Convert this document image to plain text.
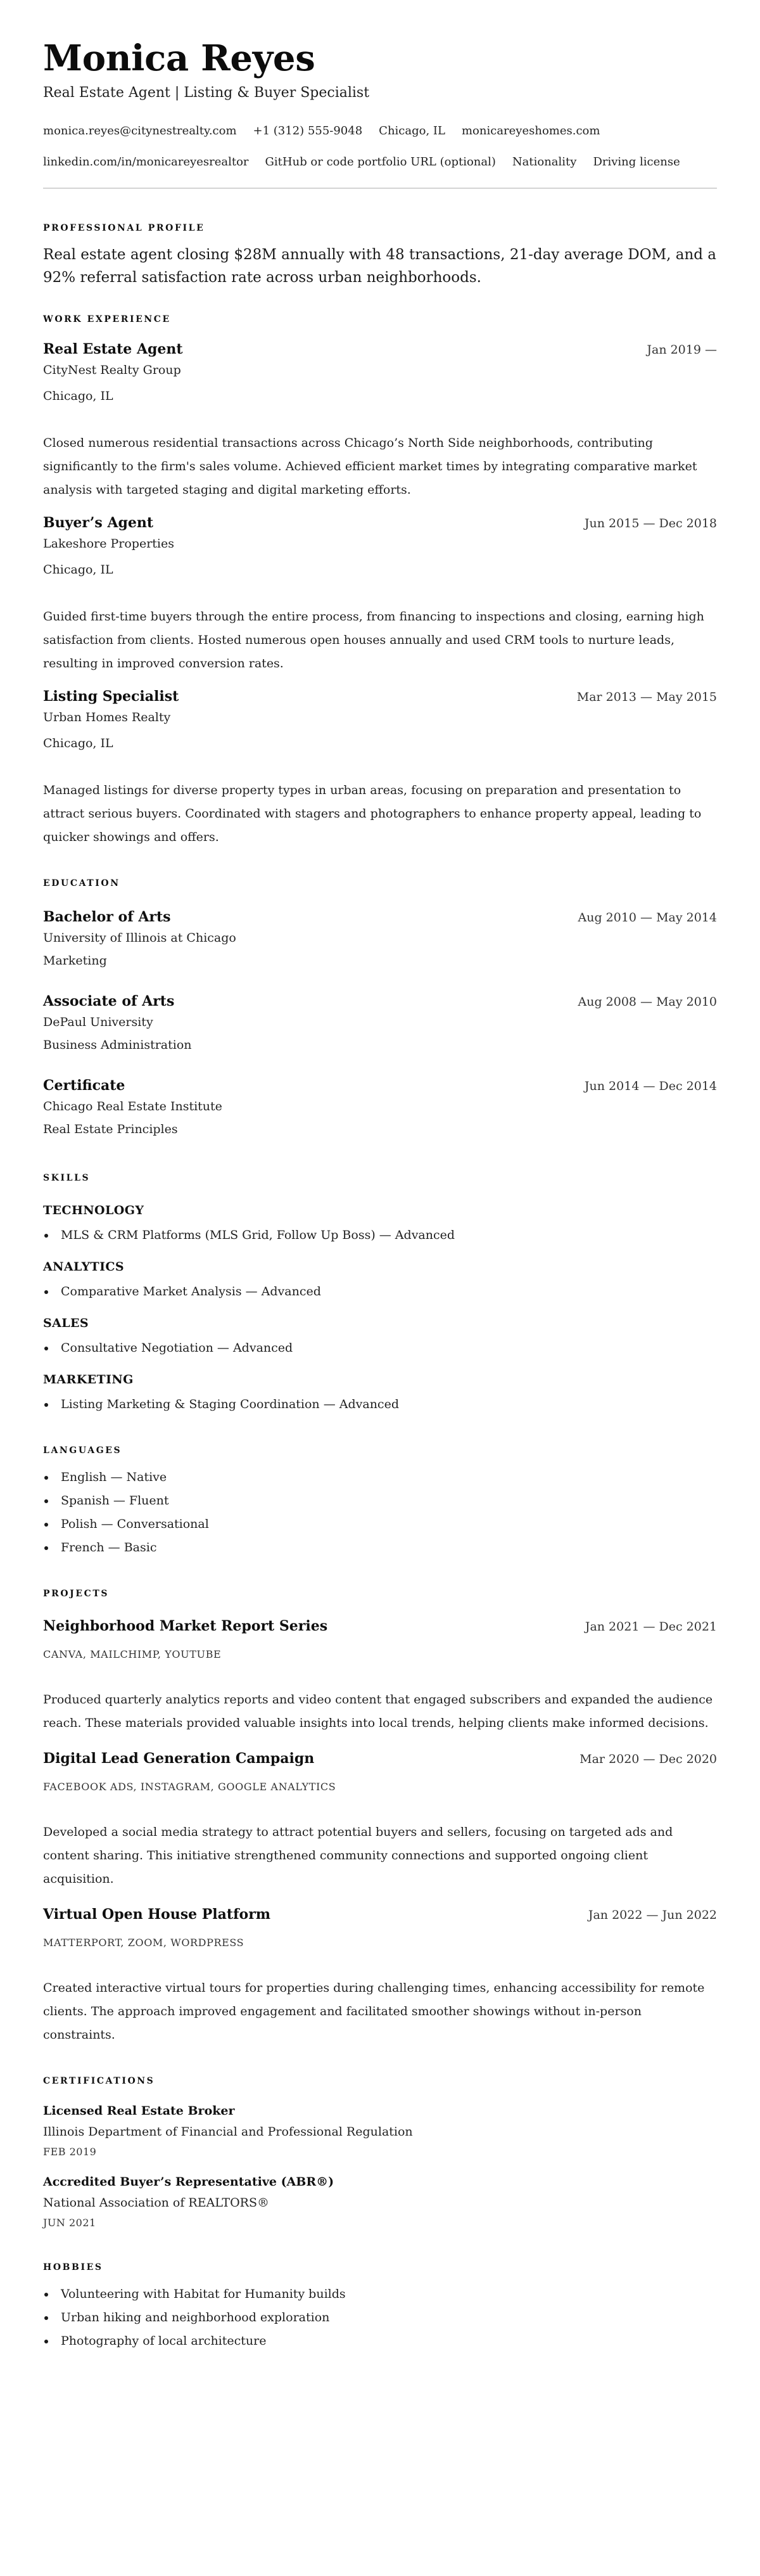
Monica Reyes
Real Estate Agent | Listing & Buyer Specialist
monica.reyes@citynestrealty.com +1 (312) 555-9048 Chicago, IL monicareyeshomes.com
linkedin.com/in/monicareyesrealtor GitHub or code portfolio URL (optional) Nationality Driving license
PROFESSIONAL PROFILE

Real estate agent closing $28M annually with 48 transactions, 21-day average DOM, and a 92% referral satisfaction rate across urban neighborhoods.

WORK EXPERIENCE
Real Estate Agent	Jan 2019 —
CityNest Realty Group
Chicago, IL

Closed numerous residential transactions across Chicago’s North Side neighborhoods, contributing significantly to the firm's sales volume. Achieved efficient market times by integrating comparative market analysis with targeted staging and digital marketing efforts.

Buyer’s Agent	Jun 2015 — Dec 2018
Lakeshore Properties
Chicago, IL

Guided first-time buyers through the entire process, from financing to inspections and closing, earning high satisfaction from clients. Hosted numerous open houses annually and used CRM tools to nurture leads, resulting in improved conversion rates.

Listing Specialist	Mar 2013 — May 2015
Urban Homes Realty
Chicago, IL

Managed listings for diverse property types in urban areas, focusing on preparation and presentation to attract serious buyers. Coordinated with stagers and photographers to enhance property appeal, leading to quicker showings and offers.

EDUCATION
Bachelor of Arts	Aug 2010 — May 2014
University of Illinois at Chicago
Marketing
Associate of Arts	Aug 2008 — May 2010
DePaul University
Business Administration
Certificate	Jun 2014 — Dec 2014
Chicago Real Estate Institute
Real Estate Principles
SKILLS
TECHNOLOGY
MLS & CRM Platforms (MLS Grid, Follow Up Boss) — Advanced
ANALYTICS
Comparative Market Analysis — Advanced
SALES
Consultative Negotiation — Advanced
MARKETING
Listing Marketing & Staging Coordination — Advanced
LANGUAGES
English — Native
Spanish — Fluent
Polish — Conversational
French — Basic
PROJECTS
Neighborhood Market Report Series	Jan 2021 — Dec 2021
CANVA, MAILCHIMP, YOUTUBE

Produced quarterly analytics reports and video content that engaged subscribers and expanded the audience reach. These materials provided valuable insights into local trends, helping clients make informed decisions.

Digital Lead Generation Campaign	Mar 2020 — Dec 2020
FACEBOOK ADS, INSTAGRAM, GOOGLE ANALYTICS

Developed a social media strategy to attract potential buyers and sellers, focusing on targeted ads and content sharing. This initiative strengthened community connections and supported ongoing client acquisition.

Virtual Open House Platform	Jan 2022 — Jun 2022
MATTERPORT, ZOOM, WORDPRESS

Created interactive virtual tours for properties during challenging times, enhancing accessibility for remote clients. The approach improved engagement and facilitated smoother showings without in-person constraints.

CERTIFICATIONS
Licensed Real Estate Broker
Illinois Department of Financial and Professional Regulation
FEB 2019
Accredited Buyer’s Representative (ABR®)
National Association of REALTORS®
JUN 2021
HOBBIES
Volunteering with Habitat for Humanity builds
Urban hiking and neighborhood exploration
Photography of local architecture
